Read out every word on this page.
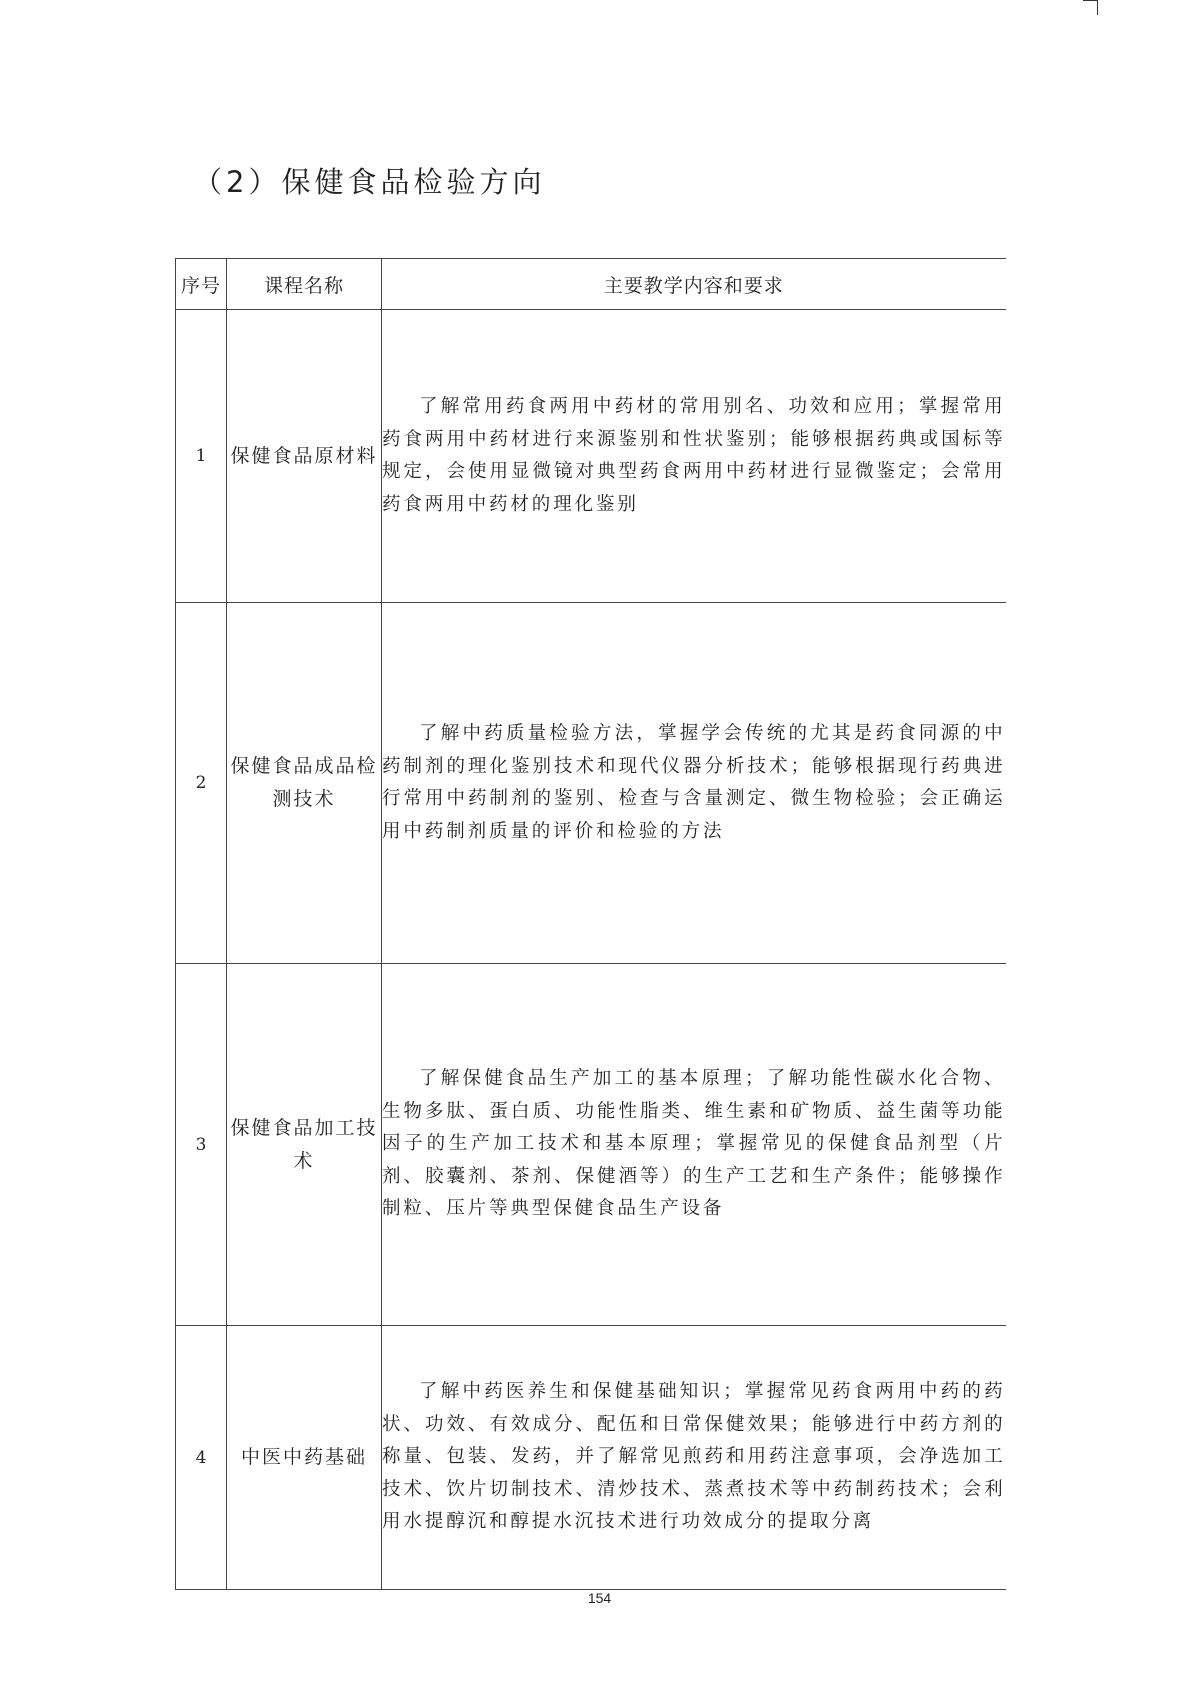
（2）保健食品检验方向
序号	课程名称	主要教学内容和要求
1	保健食品原材料	了解常用药食两用中药材的常用别名、功效和应用；掌握常用药食两用中药材进行来源鉴别和性状鉴别；能够根据药典或国标等规定，会使用显微镜对典型药食两用中药材进行显微鉴定；会常用药食两用中药材的理化鉴别
2	保健食品成品检测技术	了解中药质量检验方法，掌握学会传统的尤其是药食同源的中药制剂的理化鉴别技术和现代仪器分析技术；能够根据现行药典进行常用中药制剂的鉴别、检查与含量测定、微生物检验；会正确运用中药制剂质量的评价和检验的方法
3	保健食品加工技术	了解保健食品生产加工的基本原理；了解功能性碳水化合物、生物多肽、蛋白质、功能性脂类、维生素和矿物质、益生菌等功能因子的生产加工技术和基本原理；掌握常见的保健食品剂型（片剂、胶囊剂、茶剂、保健酒等）的生产工艺和生产条件；能够操作制粒、压片等典型保健食品生产设备
4	中医中药基础	了解中药医养生和保健基础知识；掌握常见药食两用中药的药状、功效、有效成分、配伍和日常保健效果；能够进行中药方剂的称量、包装、发药，并了解常见煎药和用药注意事项，会净选加工技术、饮片切制技术、清炒技术、蒸煮技术等中药制药技术；会利用水提醇沉和醇提水沉技术进行功效成分的提取分离
154
